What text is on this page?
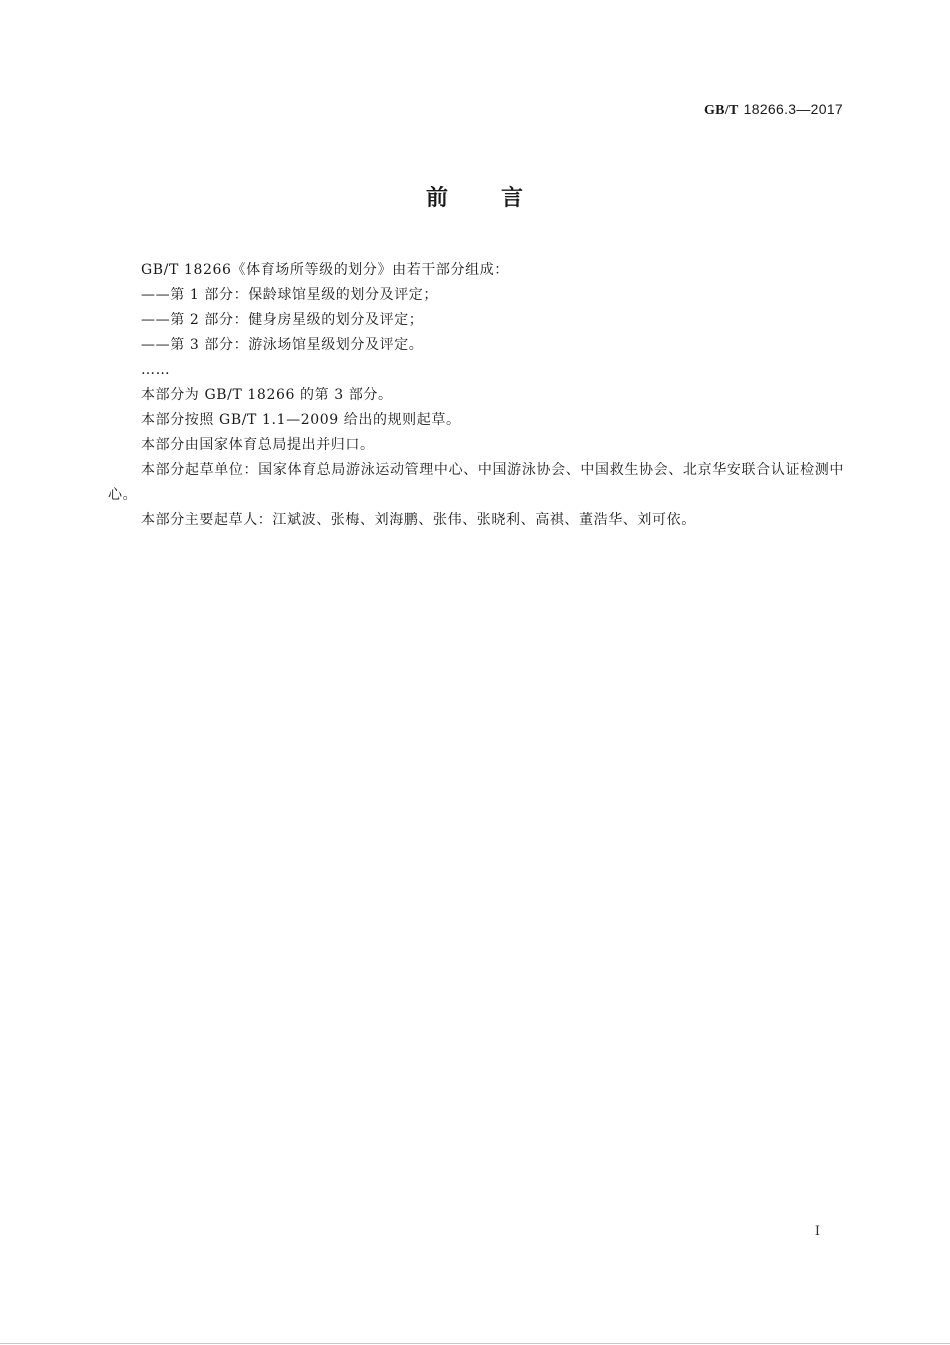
GB/T 18266.3—2017
前 言

GB/T 18266《体育场所等级的划分》由若干部分组成：

——第 1 部分：保龄球馆星级的划分及评定；

——第 2 部分：健身房星级的划分及评定；

——第 3 部分：游泳场馆星级划分及评定。

……

本部分为 GB/T 18266 的第 3 部分。

本部分按照 GB/T 1.1—2009 给出的规则起草。

本部分由国家体育总局提出并归口。

本部分起草单位：国家体育总局游泳运动管理中心、中国游泳协会、中国救生协会、北京华安联合认证检测中心。

本部分主要起草人：江斌波、张梅、刘海鹏、张伟、张晓利、高祺、董浩华、刘可依。

I
